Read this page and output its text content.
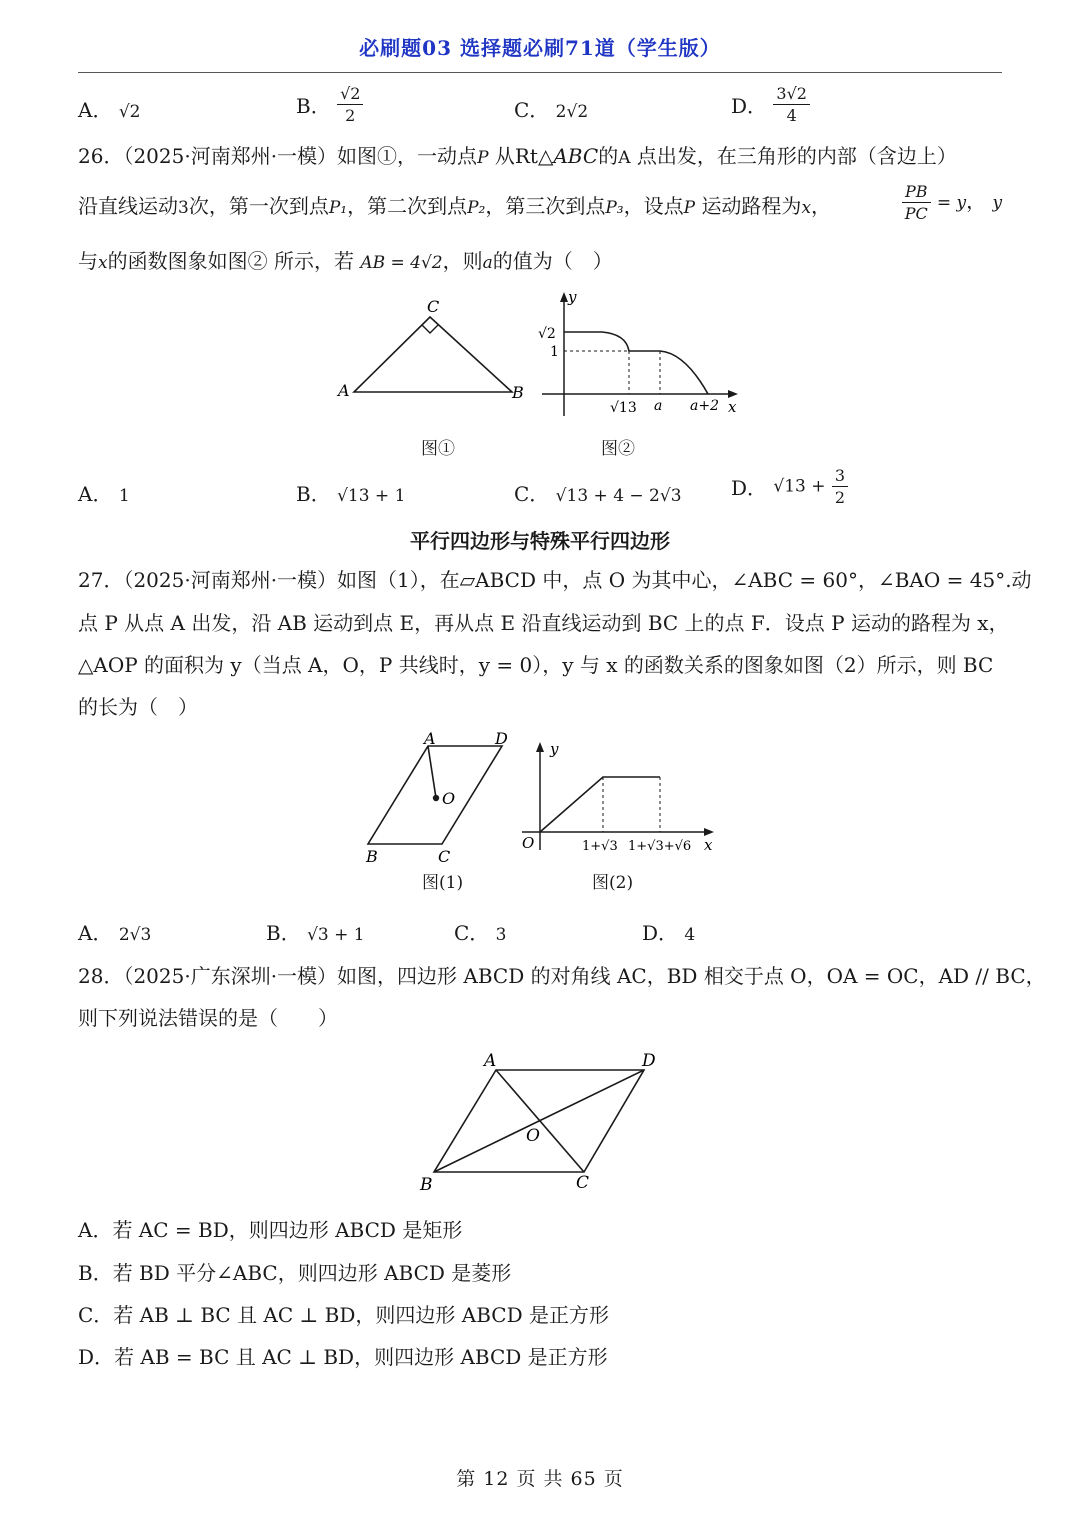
必刷题03 选择题必刷71道（学生版）
A． √2	B． $\frac{√2}{2}$	C． 2√2	D． $\frac{3√2}{4}$
26．（2025·河南郑州·一模）如图①，一动点P 从Rt△ABC的A 点出发，在三角形的内部（含边上）
沿直线运动3次，第一次到点P₁，第二次到点P₂，第三次到点P₃，设点P 运动路程为x，	$\frac{PB}{PC} = y$， y
与x的函数图象如图② 所示，若 AB = 4√2，则a的值为（　）
C
A	B
图①
y
√2
1
√13 a a+2 x
图②
A． 1	B． √13 + 1	C． √13 + 4 − 2√3 D． $√13 + \frac{3}{2}$
平行四边形与特殊平行四边形
27．（2025·河南郑州·一模）如图（1），在▱ABCD 中，点 O 为其中心，∠ABC = 60°，∠BAO = 45°.动
点 P 从点 A 出发，沿 AB 运动到点 E，再从点 E 沿直线运动到 BC 上的点 F．设点 P 运动的路程为 x，
△AOP 的面积为 y（当点 A，O，P 共线时，y = 0），y 与 x 的函数关系的图象如图（2）所示，则 BC
的长为（　）
A	D
O
B	C
图(1)
y
O	1+√3 1+√3+√6 x
图(2)
A． 2√3	B． √3 + 1	C． 3	D． 4
28．（2025·广东深圳·一模）如图，四边形 ABCD 的对角线 AC，BD 相交于点 O，OA = OC，AD // BC，
则下列说法错误的是（　　）
A	D
O
B	C
A．若 AC = BD，则四边形 ABCD 是矩形
B．若 BD 平分∠ABC，则四边形 ABCD 是菱形
C．若 AB ⊥ BC 且 AC ⊥ BD，则四边形 ABCD 是正方形
D．若 AB = BC 且 AC ⊥ BD，则四边形 ABCD 是正方形
第 12 页 共 65 页
